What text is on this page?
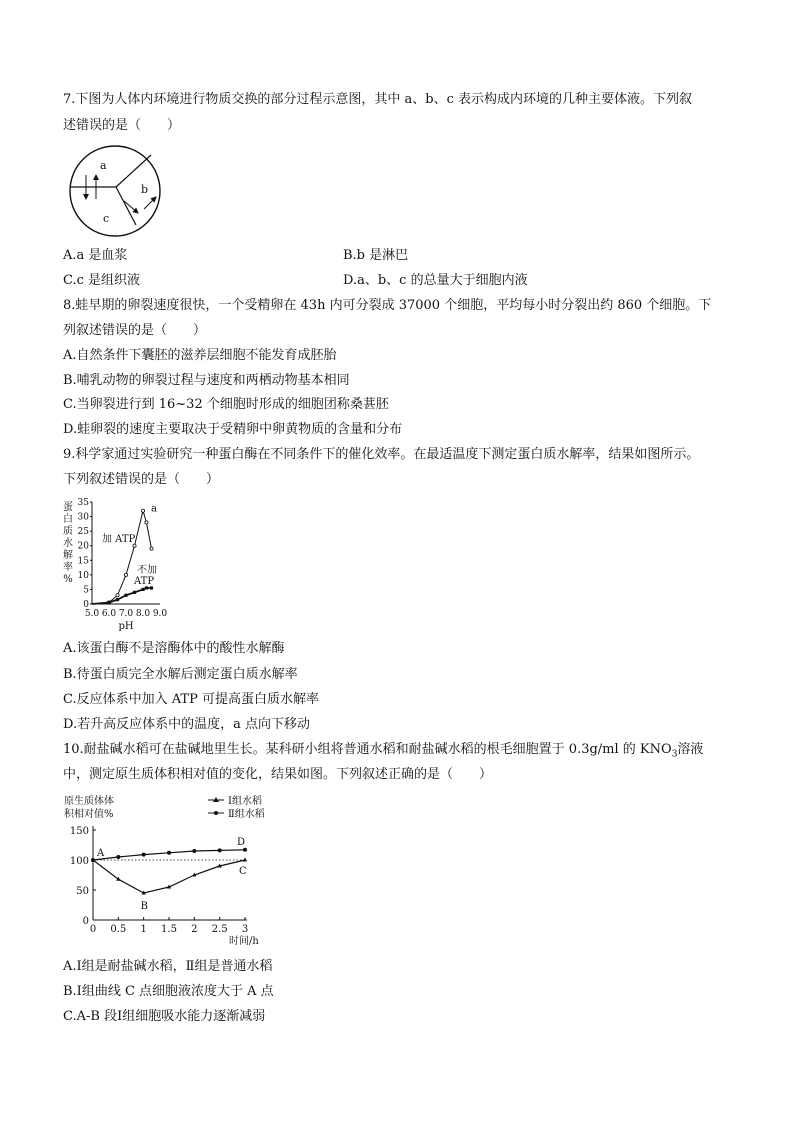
7.下图为人体内环境进行物质交换的部分过程示意图，其中 a、b、c 表示构成内环境的几种主要体液。下列叙
述错误的是（　　）
a
b
c
A.a 是血浆	B.b 是淋巴
C.c 是组织液	D.a、b、c 的总量大于细胞内液
8.蛙早期的卵裂速度很快，一个受精卵在 43h 内可分裂成 37000 个细胞，平均每小时分裂出约 860 个细胞。下
列叙述错误的是（　　）
A.自然条件下囊胚的滋养层细胞不能发育成胚胎
B.哺乳动物的卵裂过程与速度和两栖动物基本相同
C.当卵裂进行到 16~32 个细胞时形成的细胞团称桑葚胚
D.蛙卵裂的速度主要取决于受精卵中卵黄物质的含量和分布
9.科学家通过实验研究一种蛋白酶在不同条件下的催化效率。在最适温度下测定蛋白质水解率，结果如图所示。
下列叙述错误的是（　　）
蛋
白
质
水
解
率
%
0
5
10
15
20
25
30
35
5.0 6.0 7.0 8.0 9.0
pH
加 ATP
不加
ATP
a
A.该蛋白酶不是溶酶体中的酸性水解酶
B.待蛋白质完全水解后测定蛋白质水解率
C.反应体系中加入 ATP 可提高蛋白质水解率
D.若升高反应体系中的温度，a 点向下移动
10.耐盐碱水稻可在盐碱地里生长。某科研小组将普通水稻和耐盐碱水稻的根毛细胞置于 0.3g/ml 的 $KNO_3$溶液
中，测定原生质体积相对值的变化，结果如图。下列叙述正确的是（　　）
原生质体体
积相对值%
0
50
100
150
0 0.5 1 1.5 2 2.5 3
时间/h
Ⅰ组水稻
Ⅱ组水稻
A
B
C
D
A.Ⅰ组是耐盐碱水稻，Ⅱ组是普通水稻
B.Ⅰ组曲线 C 点细胞液浓度大于 A 点
C.A-B 段Ⅰ组细胞吸水能力逐渐减弱
